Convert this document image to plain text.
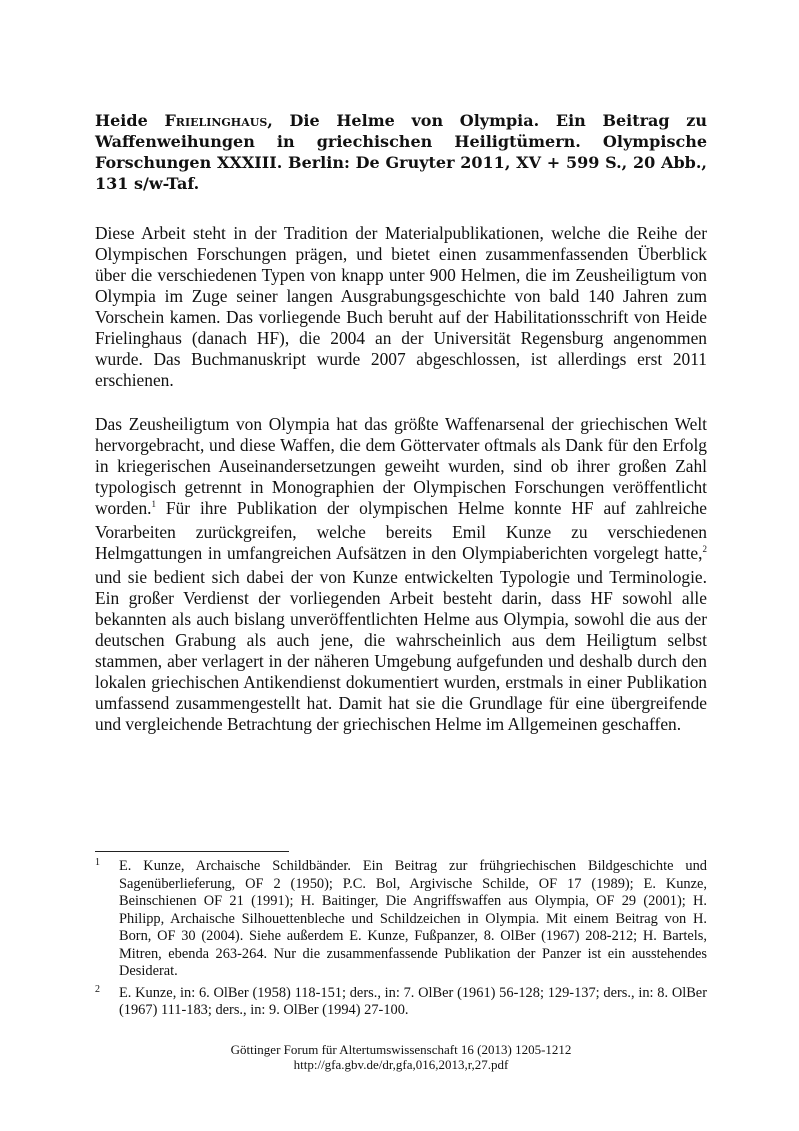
Heide Frielinghaus, Die Helme von Olympia. Ein Beitrag zu Waffenweihungen in griechischen Heiligtümern. Olympische Forschungen XXXIII. Berlin: De Gruyter 2011, XV + 599 S., 20 Abb., 131 s/w-Taf.

Diese Arbeit steht in der Tradition der Materialpublikationen, welche die Reihe der Olympischen Forschungen prägen, und bietet einen zusammenfassenden Überblick über die verschiedenen Typen von knapp unter 900 Helmen, die im Zeusheiligtum von Olympia im Zuge seiner langen Ausgrabungsgeschichte von bald 140 Jahren zum Vorschein kamen. Das vorliegende Buch beruht auf der Habilitationsschrift von Heide Frielinghaus (danach HF), die 2004 an der Universität Regensburg angenommen wurde. Das Buchmanuskript wurde 2007 abgeschlossen, ist allerdings erst 2011 erschienen.

Das Zeusheiligtum von Olympia hat das größte Waffenarsenal der griechischen Welt hervorgebracht, und diese Waffen, die dem Göttervater oftmals als Dank für den Erfolg in kriegerischen Auseinandersetzungen geweiht wurden, sind ob ihrer großen Zahl typologisch getrennt in Monographien der Olympischen Forschungen veröffentlicht worden.$^1$ Für ihre Publikation der olympischen Helme konnte HF auf zahlreiche Vorarbeiten zurückgreifen, welche bereits Emil Kunze zu verschiedenen Helmgattungen in umfangreichen Aufsätzen in den Olympiaberichten vorgelegt hatte,$^2$ und sie bedient sich dabei der von Kunze entwickelten Typologie und Terminologie. Ein großer Verdienst der vorliegenden Arbeit besteht darin, dass HF sowohl alle bekannten als auch bislang unveröffentlichten Helme aus Olympia, sowohl die aus der deutschen Grabung als auch jene, die wahrscheinlich aus dem Heiligtum selbst stammen, aber verlagert in der näheren Umgebung aufgefunden und deshalb durch den lokalen griechischen Antikendienst dokumentiert wurden, erstmals in einer Publikation umfassend zusammengestellt hat. Damit hat sie die Grundlage für eine übergreifende und vergleichende Betrachtung der griechischen Helme im Allgemeinen geschaffen.

1 E. Kunze, Archaische Schildbänder. Ein Beitrag zur frühgriechischen Bildgeschichte und Sagenüberlieferung, OF 2 (1950); P.C. Bol, Argivische Schilde, OF 17 (1989); E. Kunze, Beinschienen OF 21 (1991); H. Baitinger, Die Angriffswaffen aus Olympia, OF 29 (2001); H. Philipp, Archaische Silhouettenbleche und Schildzeichen in Olympia. Mit einem Beitrag von H. Born, OF 30 (2004). Siehe außerdem E. Kunze, Fußpanzer, 8. OlBer (1967) 208-212; H. Bartels, Mitren, ebenda 263-264. Nur die zusammenfassende Publikation der Panzer ist ein ausstehendes Desiderat.

2 E. Kunze, in: 6. OlBer (1958) 118-151; ders., in: 7. OlBer (1961) 56-128; 129-137; ders., in: 8. OlBer (1967) 111-183; ders., in: 9. OlBer (1994) 27-100.

Göttinger Forum für Altertumswissenschaft 16 (2013) 1205-1212
http://gfa.gbv.de/dr,gfa,016,2013,r,27.pdf
